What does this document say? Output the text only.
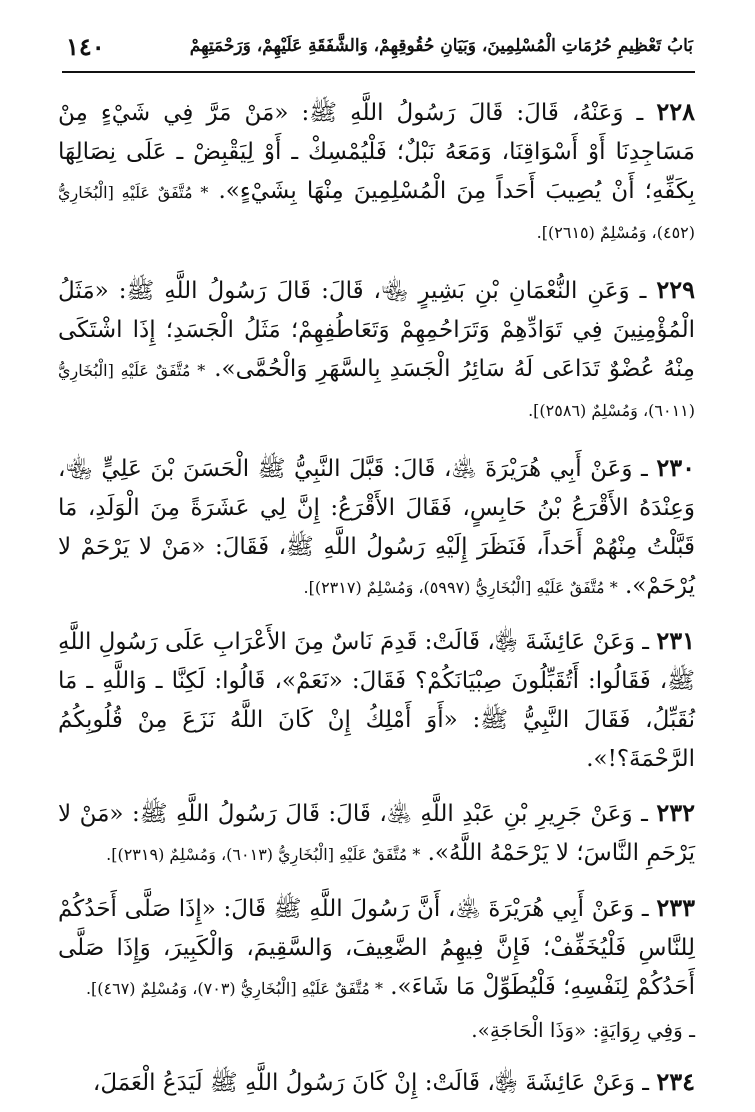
بَابُ تَعْظِيمِ حُرُمَاتِ الْمُسْلِمِينَ، وَبَيَانِ حُقُوقِهِمْ، وَالشَّفَقَةِ عَلَيْهِمْ، وَرَحْمَتِهِمْ
١٤٠

٢٢٨ ـ وَعَنْهُ، قَالَ: قَالَ رَسُولُ اللَّهِ ﷺ: «مَنْ مَرَّ فِي شَيْءٍ مِنْ مَسَاجِدِنَا أَوْ أَسْوَاقِنَا، وَمَعَهُ نَبْلٌ؛ فَلْيُمْسِكْ ـ أَوْ لِيَقْبِضْ ـ عَلَى نِصَالِهَا بِكَفِّهِ؛ أَنْ يُصِيبَ أَحَداً مِنَ الْمُسْلِمِينَ مِنْهَا بِشَيْءٍ». * مُتَّفَقٌ عَلَيْهِ [الْبُخَارِيُّ (٤٥٢)، وَمُسْلِمٌ (٢٦١٥)].

٢٢٩ ـ وَعَنِ النُّعْمَانِ بْنِ بَشِيرٍ ﵄، قَالَ: قَالَ رَسُولُ اللَّهِ ﷺ: «مَثَلُ الْمُؤْمِنِينَ فِي تَوَادِّهِمْ وَتَرَاحُمِهِمْ وَتَعَاطُفِهِمْ؛ مَثَلُ الْجَسَدِ؛ إِذَا اشْتَكَى مِنْهُ عُضْوٌ تَدَاعَى لَهُ سَائِرُ الْجَسَدِ بِالسَّهَرِ وَالْحُمَّى». * مُتَّفَقٌ عَلَيْهِ [الْبُخَارِيُّ (٦٠١١)، وَمُسْلِمٌ (٢٥٨٦)].

٢٣٠ ـ وَعَنْ أَبِي هُرَيْرَةَ ﵁، قَالَ: قَبَّلَ النَّبِيُّ ﷺ الْحَسَنَ بْنَ عَلِيٍّ ﵄، وَعِنْدَهُ الأَقْرَعُ بْنُ حَابِسٍ، فَقَالَ الأَقْرَعُ: إِنَّ لِي عَشَرَةً مِنَ الْوَلَدِ، مَا قَبَّلْتُ مِنْهُمْ أَحَداً، فَنَظَرَ إِلَيْهِ رَسُولُ اللَّهِ ﷺ، فَقَالَ: «مَنْ لا يَرْحَمْ لا يُرْحَمْ». * مُتَّفَقٌ عَلَيْهِ [الْبُخَارِيُّ (٥٩٩٧)، وَمُسْلِمٌ (٢٣١٧)].

٢٣١ ـ وَعَنْ عَائِشَةَ ﵂، قَالَتْ: قَدِمَ نَاسٌ مِنَ الأَعْرَابِ عَلَى رَسُولِ اللَّهِ ﷺ، فَقَالُوا: أَتُقَبِّلُونَ صِبْيَانَكُمْ؟ فَقَالَ: «نَعَمْ»، قَالُوا: لَكِنَّا ـ وَاللَّهِ ـ مَا نُقَبِّلُ، فَقَالَ النَّبِيُّ ﷺ: «أَوَ أَمْلِكُ إِنْ كَانَ اللَّهُ نَزَعَ مِنْ قُلُوبِكُمُ الرَّحْمَةَ؟!».

٢٣٢ ـ وَعَنْ جَرِيرِ بْنِ عَبْدِ اللَّهِ ﵁، قَالَ: قَالَ رَسُولُ اللَّهِ ﷺ: «مَنْ لا يَرْحَمِ النَّاسَ؛ لا يَرْحَمْهُ اللَّهُ». * مُتَّفَقٌ عَلَيْهِ [الْبُخَارِيُّ (٦٠١٣)، وَمُسْلِمٌ (٢٣١٩)].

٢٣٣ ـ وَعَنْ أَبِي هُرَيْرَةَ ﵁، أَنَّ رَسُولَ اللَّهِ ﷺ قَالَ: «إِذَا صَلَّى أَحَدُكُمْ لِلنَّاسِ فَلْيُخَفِّفْ؛ فَإِنَّ فِيهِمُ الضَّعِيفَ، وَالسَّقِيمَ، وَالْكَبِيرَ، وَإِذَا صَلَّى أَحَدُكُمْ لِنَفْسِهِ؛ فَلْيُطَوِّلْ مَا شَاءَ». * مُتَّفَقٌ عَلَيْهِ [الْبُخَارِيُّ (٧٠٣)، وَمُسْلِمٌ (٤٦٧)].

ـ وَفِي رِوَايَةٍ: «وَذَا الْحَاجَةِ».

٢٣٤ ـ وَعَنْ عَائِشَةَ ﵂، قَالَتْ: إِنْ كَانَ رَسُولُ اللَّهِ ﷺ لَيَدَعُ الْعَمَلَ،
